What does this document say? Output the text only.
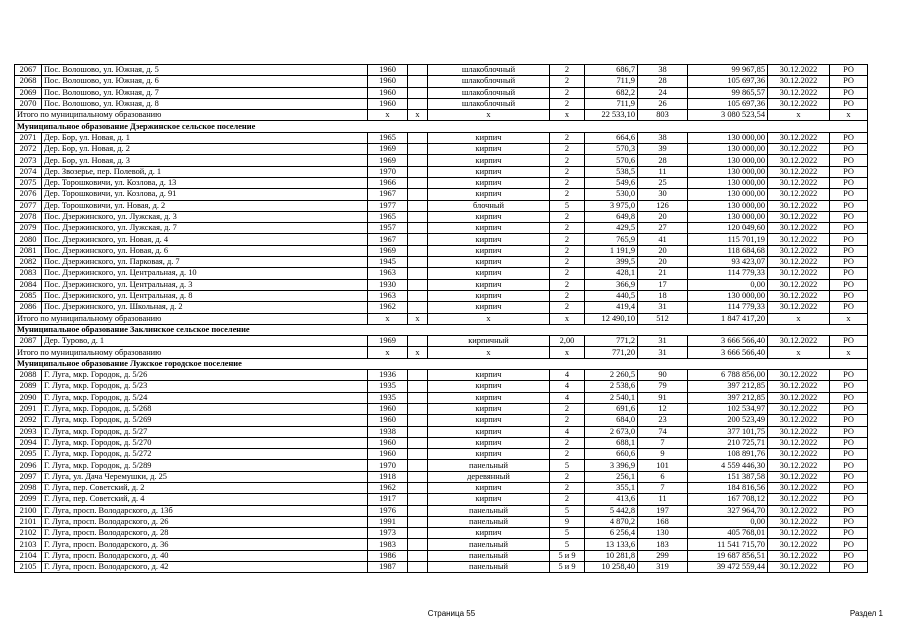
2067	Пос. Волошово, ул. Южная, д. 5	1960		шлакоблочный	2	686,7	38	99 967,85	30.12.2022	РО
2068	Пос. Волошово, ул. Южная, д. 6	1960		шлакоблочный	2	711,9	28	105 697,36	30.12.2022	РО
2069	Пос. Волошово, ул. Южная, д. 7	1960		шлакоблочный	2	682,2	24	99 865,57	30.12.2022	РО
2070	Пос. Волошово, ул. Южная, д. 8	1960		шлакоблочный	2	711,9	26	105 697,36	30.12.2022	РО
Итого по муниципальному образованию		x	x	x	x	22 533,10	803	3 080 523,54	x	x
Муниципальное образование Дзержинское сельское поселение										
2071	Дер. Бор, ул. Новая, д. 1	1965		кирпич	2	664,6	38	130 000,00	30.12.2022	РО
2072	Дер. Бор, ул. Новая, д. 2	1969		кирпич	2	570,3	39	130 000,00	30.12.2022	РО
2073	Дер. Бор, ул. Новая, д. 3	1969		кирпич	2	570,6	28	130 000,00	30.12.2022	РО
2074	Дер. Звозерье, пер. Полевой, д. 1	1970		кирпич	2	538,5	11	130 000,00	30.12.2022	РО
2075	Дер. Торошковичи, ул. Козлова, д. 13	1966		кирпич	2	549,6	25	130 000,00	30.12.2022	РО
2076	Дер. Торошковичи, ул. Козлова, д. 91	1967		кирпич	2	530,0	30	130 000,00	30.12.2022	РО
2077	Дер. Торошковичи, ул. Новая, д. 2	1977		блочный	5	3 975,0	126	130 000,00	30.12.2022	РО
2078	Пос. Дзержинского, ул. Лужская, д. 3	1965		кирпич	2	649,8	20	130 000,00	30.12.2022	РО
2079	Пос. Дзержинского, ул. Лужская, д. 7	1957		кирпич	2	429,5	27	120 049,60	30.12.2022	РО
2080	Пос. Дзержинского, ул. Новая, д. 4	1967		кирпич	2	765,9	41	115 701,19	30.12.2022	РО
2081	Пос. Дзержинского, ул. Новая, д. 6	1969		кирпич	2	1 191,9	20	118 684,68	30.12.2022	РО
2082	Пос. Дзержинского, ул. Парковая, д. 7	1945		кирпич	2	399,5	20	93 423,07	30.12.2022	РО
2083	Пос. Дзержинского, ул. Центральная, д. 10	1963		кирпич	2	428,1	21	114 779,33	30.12.2022	РО
2084	Пос. Дзержинского, ул. Центральная, д. 3	1930		кирпич	2	366,9	17	0,00	30.12.2022	РО
2085	Пос. Дзержинского, ул. Центральная, д. 8	1963		кирпич	2	440,5	18	130 000,00	30.12.2022	РО
2086	Пос. Дзержинского, ул. Школьная, д. 2	1962		кирпич	2	419,4	31	114 779,33	30.12.2022	РО
Итого по муниципальному образованию		x	x	x	x	12 490,10	512	1 847 417,20	x	x
Муниципальное образование Заклинское сельское поселение										
2087	Дер. Турово, д. 1	1969		кирпичный	2,00	771,2	31	3 666 566,40	30.12.2022	РО
Итого по муниципальному образованию		x	x	x	x	771,20	31	3 666 566,40	x	x
Муниципальное образование Лужское городское поселение										
2088	Г. Луга, мкр. Городок, д. 5/26	1936		кирпич	4	2 260,5	90	6 788 856,00	30.12.2022	РО
2089	Г. Луга, мкр. Городок, д. 5/23	1935		кирпич	4	2 538,6	79	397 212,85	30.12.2022	РО
2090	Г. Луга, мкр. Городок, д. 5/24	1935		кирпич	4	2 540,1	91	397 212,85	30.12.2022	РО
2091	Г. Луга, мкр. Городок, д. 5/268	1960		кирпич	2	691,6	12	102 534,97	30.12.2022	РО
2092	Г. Луга, мкр. Городок, д. 5/269	1960		кирпич	2	684,0	23	200 523,49	30.12.2022	РО
2093	Г. Луга, мкр. Городок, д. 5/27	1938		кирпич	4	2 673,0	74	377 101,75	30.12.2022	РО
2094	Г. Луга, мкр. Городок, д. 5/270	1960		кирпич	2	688,1	7	210 725,71	30.12.2022	РО
2095	Г. Луга, мкр. Городок, д. 5/272	1960		кирпич	2	660,6	9	108 891,76	30.12.2022	РО
2096	Г. Луга, мкр. Городок, д. 5/289	1970		панельный	5	3 396,9	101	4 559 446,30	30.12.2022	РО
2097	Г. Луга, ул. Дача Черемушки, д. 25	1918		деревянный	2	256,1	6	151 387,58	30.12.2022	РО
2098	Г. Луга, пер. Советский, д. 2	1962		кирпич	2	355,1	7	184 816,56	30.12.2022	РО
2099	Г. Луга, пер. Советский, д. 4	1917		кирпич	2	413,6	11	167 708,12	30.12.2022	РО
2100	Г. Луга, просп. Володарского, д. 13б	1976		панельный	5	5 442,8	197	327 964,70	30.12.2022	РО
2101	Г. Луга, просп. Володарского, д. 26	1991		панельный	9	4 870,2	168	0,00	30.12.2022	РО
2102	Г. Луга, просп. Володарского, д. 28	1973		кирпич	5	6 256,4	130	405 768,01	30.12.2022	РО
2103	Г. Луга, просп. Володарского, д. 36	1983		панельный	5	13 133,6	183	11 541 715,70	30.12.2022	РО
2104	Г. Луга, просп. Володарского, д. 40	1986		панельный	5 и 9	10 281,8	299	19 687 856,51	30.12.2022	РО
2105	Г. Луга, просп. Володарского, д. 42	1987		панельный	5 и 9	10 258,40	319	39 472 559,44	30.12.2022	РО
Страница 55	Раздел 1
